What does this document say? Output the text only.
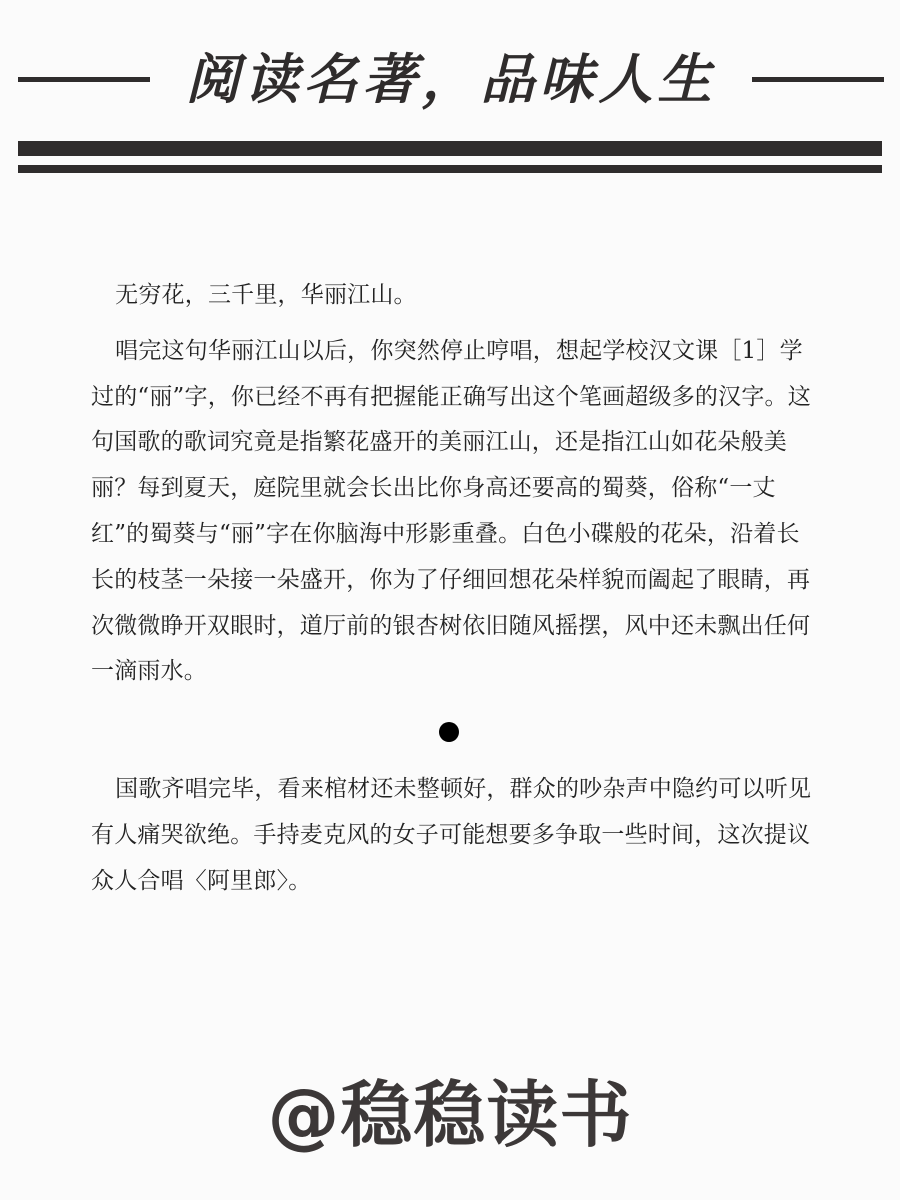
阅读名著，品味人生

无穷花，三千里，华丽江山。

唱完这句华丽江山以后，你突然停止哼唱，想起学校汉文课［1］学过的“丽”字，你已经不再有把握能正确写出这个笔画超级多的汉字。这句国歌的歌词究竟是指繁花盛开的美丽江山，还是指江山如花朵般美丽？每到夏天，庭院里就会长出比你身高还要高的蜀葵，俗称“一丈红”的蜀葵与“丽”字在你脑海中形影重叠。白色小碟般的花朵，沿着长长的枝茎一朵接一朵盛开，你为了仔细回想花朵样貌而阖起了眼睛，再次微微睁开双眼时，道厅前的银杏树依旧随风摇摆，风中还未飘出任何一滴雨水。

国歌齐唱完毕，看来棺材还未整顿好，群众的吵杂声中隐约可以听见有人痛哭欲绝。手持麦克风的女子可能想要多争取一些时间，这次提议众人合唱〈阿里郎〉。

@稳稳读书
